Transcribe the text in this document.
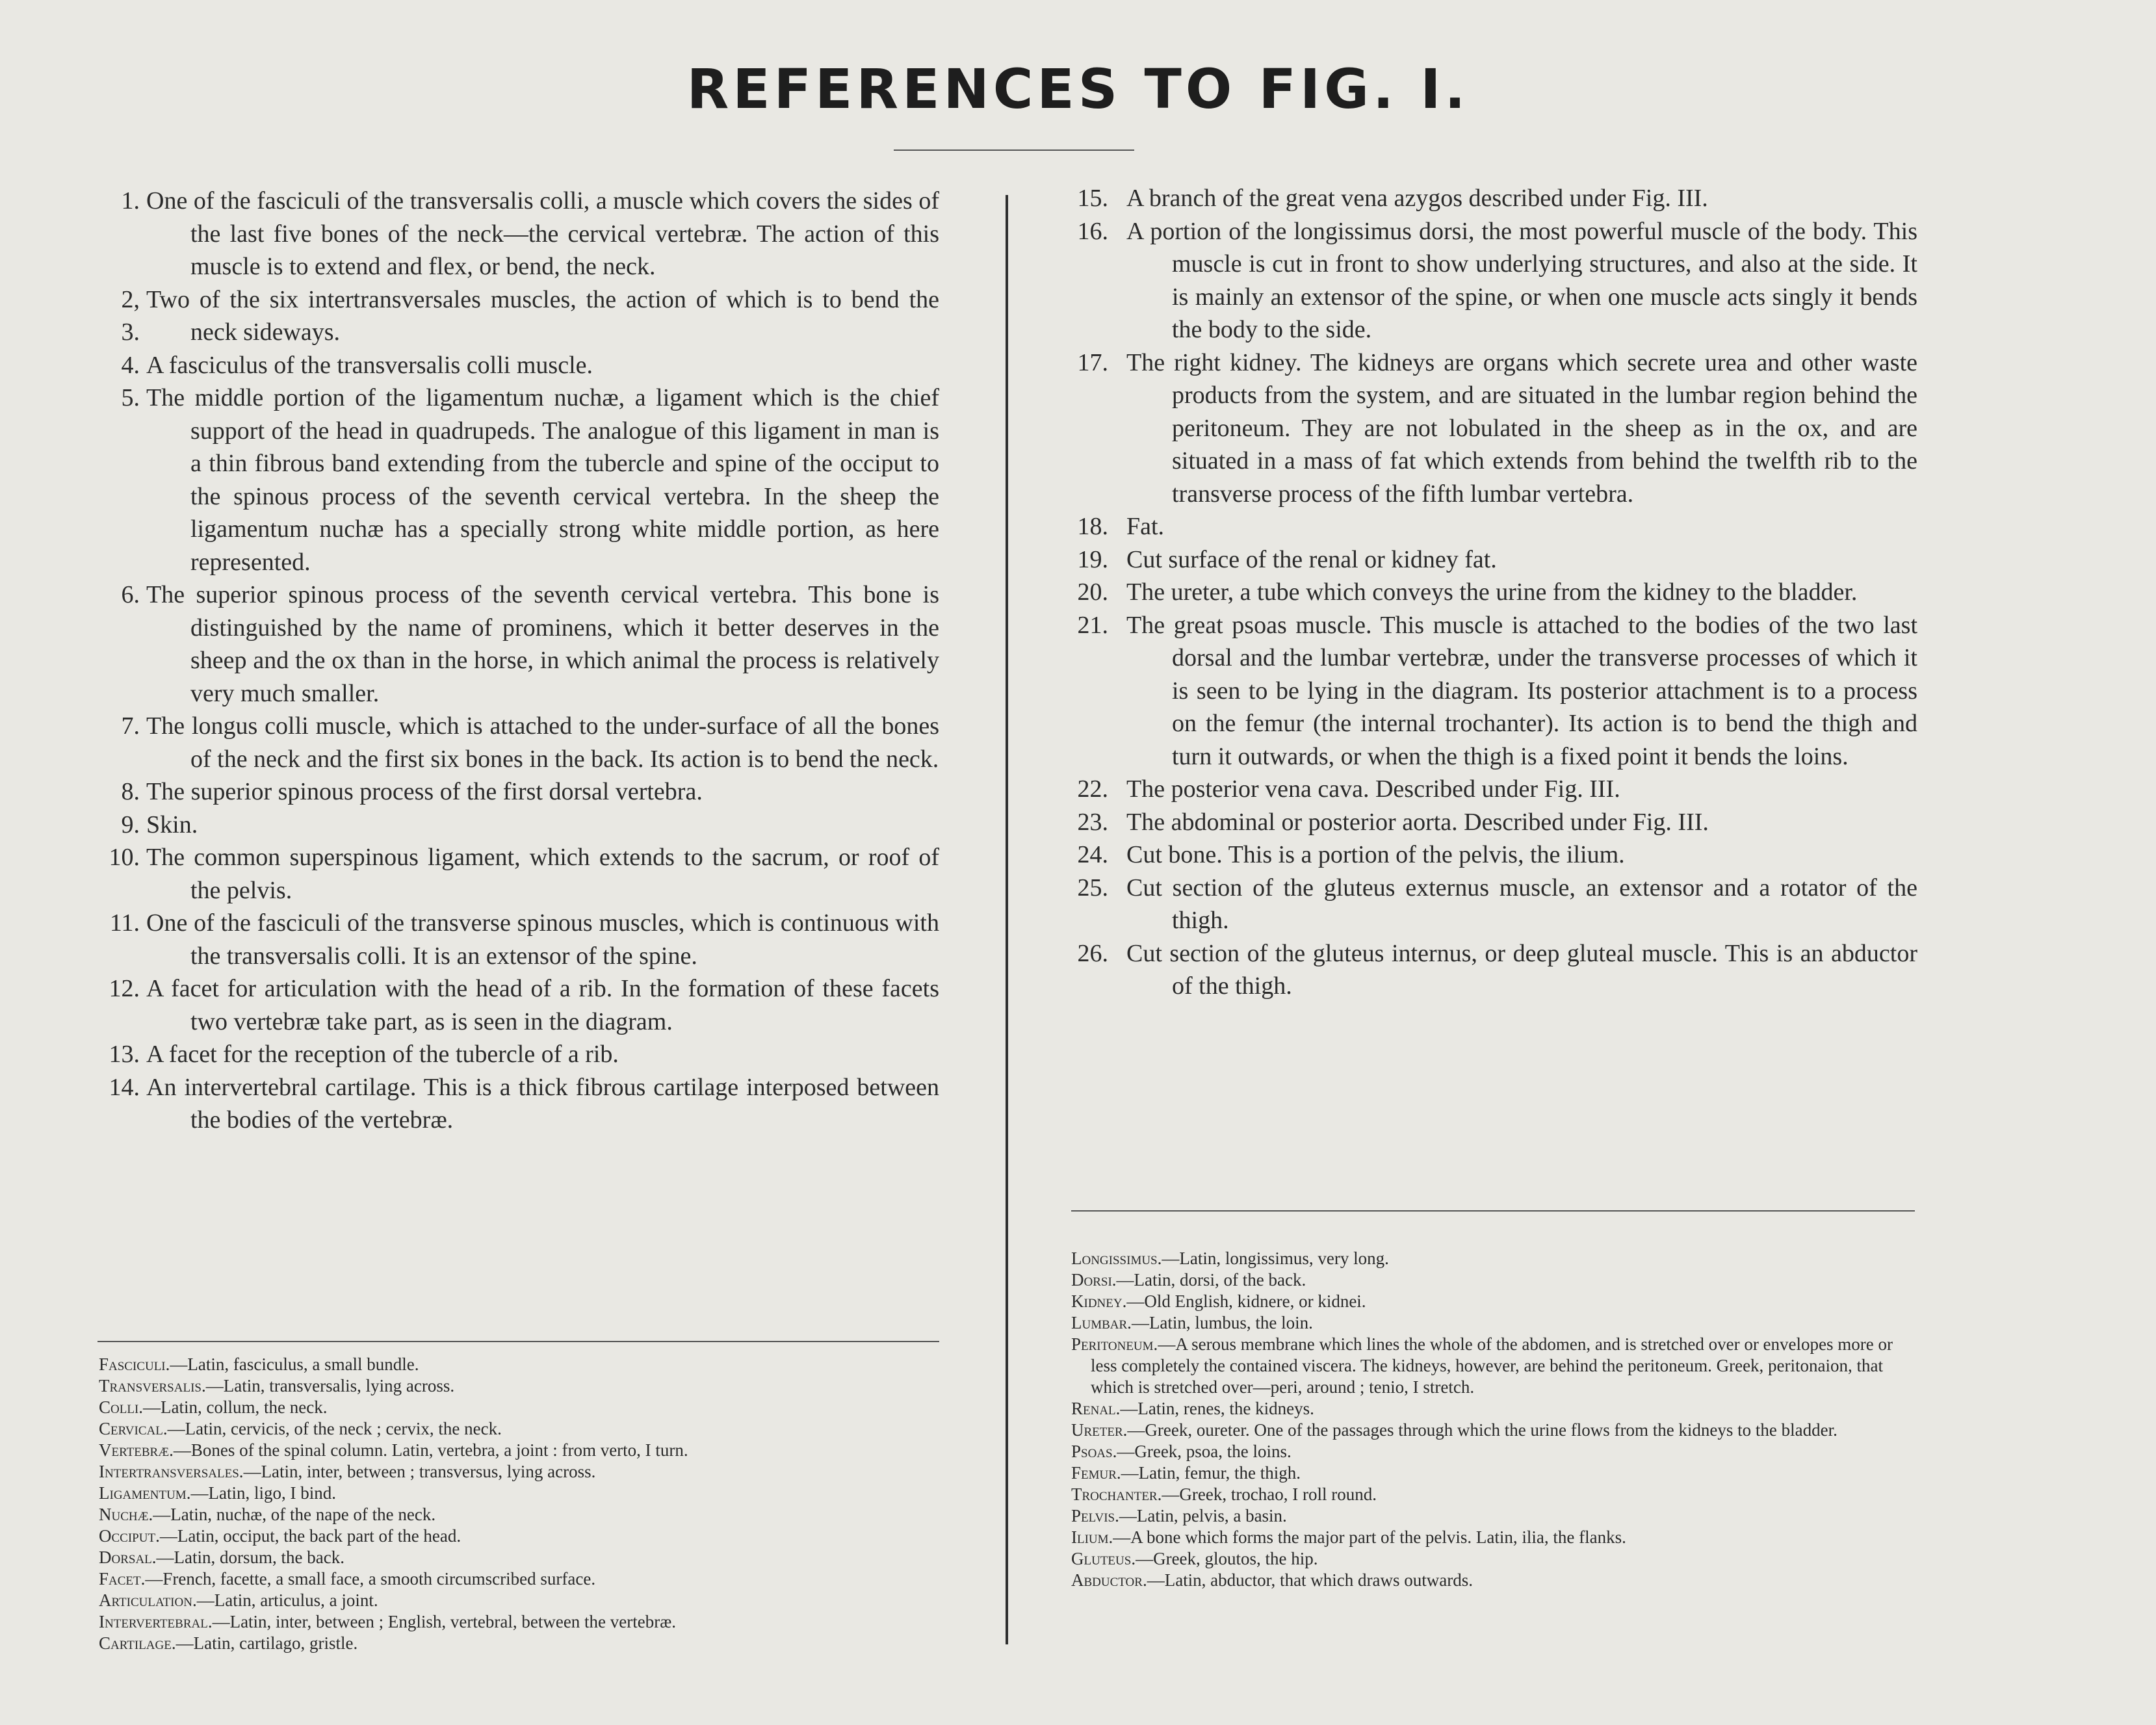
REFERENCES TO FIG. I.

1. One of the fasciculi of the transversalis colli, a muscle which covers the sides of the last five bones of the neck—the cervical vertebræ. The action of this muscle is to extend and flex, or bend, the neck.

2, 3.
Two of the six intertransversales muscles, the action of which is to bend the neck sideways.

4. A fasciculus of the transversalis colli muscle.

5. The middle portion of the ligamentum nuchæ, a ligament which is the chief support of the head in quadrupeds. The analogue of this ligament in man is a thin fibrous band extending from the tubercle and spine of the occiput to the spinous process of the seventh cervical vertebra. In the sheep the ligamentum nuchæ has a specially strong white middle portion, as here represented.

6. The superior spinous process of the seventh cervical vertebra. This bone is distinguished by the name of prominens, which it better deserves in the sheep and the ox than in the horse, in which animal the process is relatively very much smaller.

7. The longus colli muscle, which is attached to the under-surface of all the bones of the neck and the first six bones in the back. Its action is to bend the neck.

8. The superior spinous process of the first dorsal vertebra.

9. Skin.

10. The common superspinous ligament, which extends to the sacrum, or roof of the pelvis.

11. One of the fasciculi of the transverse spinous muscles, which is continuous with the transversalis colli. It is an extensor of the spine.

12. A facet for articulation with the head of a rib. In the formation of these facets two vertebræ take part, as is seen in the diagram.

13. A facet for the reception of the tubercle of a rib.

14. An intervertebral cartilage. This is a thick fibrous cartilage interposed between the bodies of the vertebræ.

15. A branch of the great vena azygos described under Fig. III.

16. A portion of the longissimus dorsi, the most powerful muscle of the body. This muscle is cut in front to show underlying structures, and also at the side. It is mainly an extensor of the spine, or when one muscle acts singly it bends the body to the side.

17. The right kidney. The kidneys are organs which secrete urea and other waste products from the system, and are situated in the lumbar region behind the peritoneum. They are not lobulated in the sheep as in the ox, and are situated in a mass of fat which extends from behind the twelfth rib to the transverse process of the fifth lumbar vertebra.

18. Fat.

19. Cut surface of the renal or kidney fat.

20. The ureter, a tube which conveys the urine from the kidney to the bladder.

21. The great psoas muscle. This muscle is attached to the bodies of the two last dorsal and the lumbar vertebræ, under the transverse processes of which it is seen to be lying in the diagram. Its posterior attachment is to a process on the femur (the internal trochanter). Its action is to bend the thigh and turn it outwards, or when the thigh is a fixed point it bends the loins.

22. The posterior vena cava. Described under Fig. III.

23. The abdominal or posterior aorta. Described under Fig. III.

24. Cut bone. This is a portion of the pelvis, the ilium.

25. Cut section of the gluteus externus muscle, an extensor and a rotator of the thigh.

26. Cut section of the gluteus internus, or deep gluteal muscle. This is an abductor of the thigh.

Fasciculi.—Latin, fasciculus, a small bundle.

Transversalis.—Latin, transversalis, lying across.

Colli.—Latin, collum, the neck.

Cervical.—Latin, cervicis, of the neck ; cervix, the neck.

Vertebræ.—Bones of the spinal column. Latin, vertebra, a joint : from verto, I turn.

Intertransversales.—Latin, inter, between ; transversus, lying across.

Ligamentum.—Latin, ligo, I bind.

Nuchæ.—Latin, nuchæ, of the nape of the neck.

Occiput.—Latin, occiput, the back part of the head.

Dorsal.—Latin, dorsum, the back.

Facet.—French, facette, a small face, a smooth circumscribed surface.

Articulation.—Latin, articulus, a joint.

Intervertebral.—Latin, inter, between ; English, vertebral, between the vertebræ.

Cartilage.—Latin, cartilago, gristle.

Longissimus.—Latin, longissimus, very long.

Dorsi.—Latin, dorsi, of the back.

Kidney.—Old English, kidnere, or kidnei.

Lumbar.—Latin, lumbus, the loin.

Peritoneum.—A serous membrane which lines the whole of the abdomen, and is stretched over or envelopes more or less completely the contained viscera. The kidneys, however, are behind the peritoneum. Greek, peritonaion, that which is stretched over—peri, around ; tenio, I stretch.

Renal.—Latin, renes, the kidneys.

Ureter.—Greek, oureter. One of the passages through which the urine flows from the kidneys to the bladder.

Psoas.—Greek, psoa, the loins.

Femur.—Latin, femur, the thigh.

Trochanter.—Greek, trochao, I roll round.

Pelvis.—Latin, pelvis, a basin.

Ilium.—A bone which forms the major part of the pelvis. Latin, ilia, the flanks.

Gluteus.—Greek, gloutos, the hip.

Abductor.—Latin, abductor, that which draws outwards.
